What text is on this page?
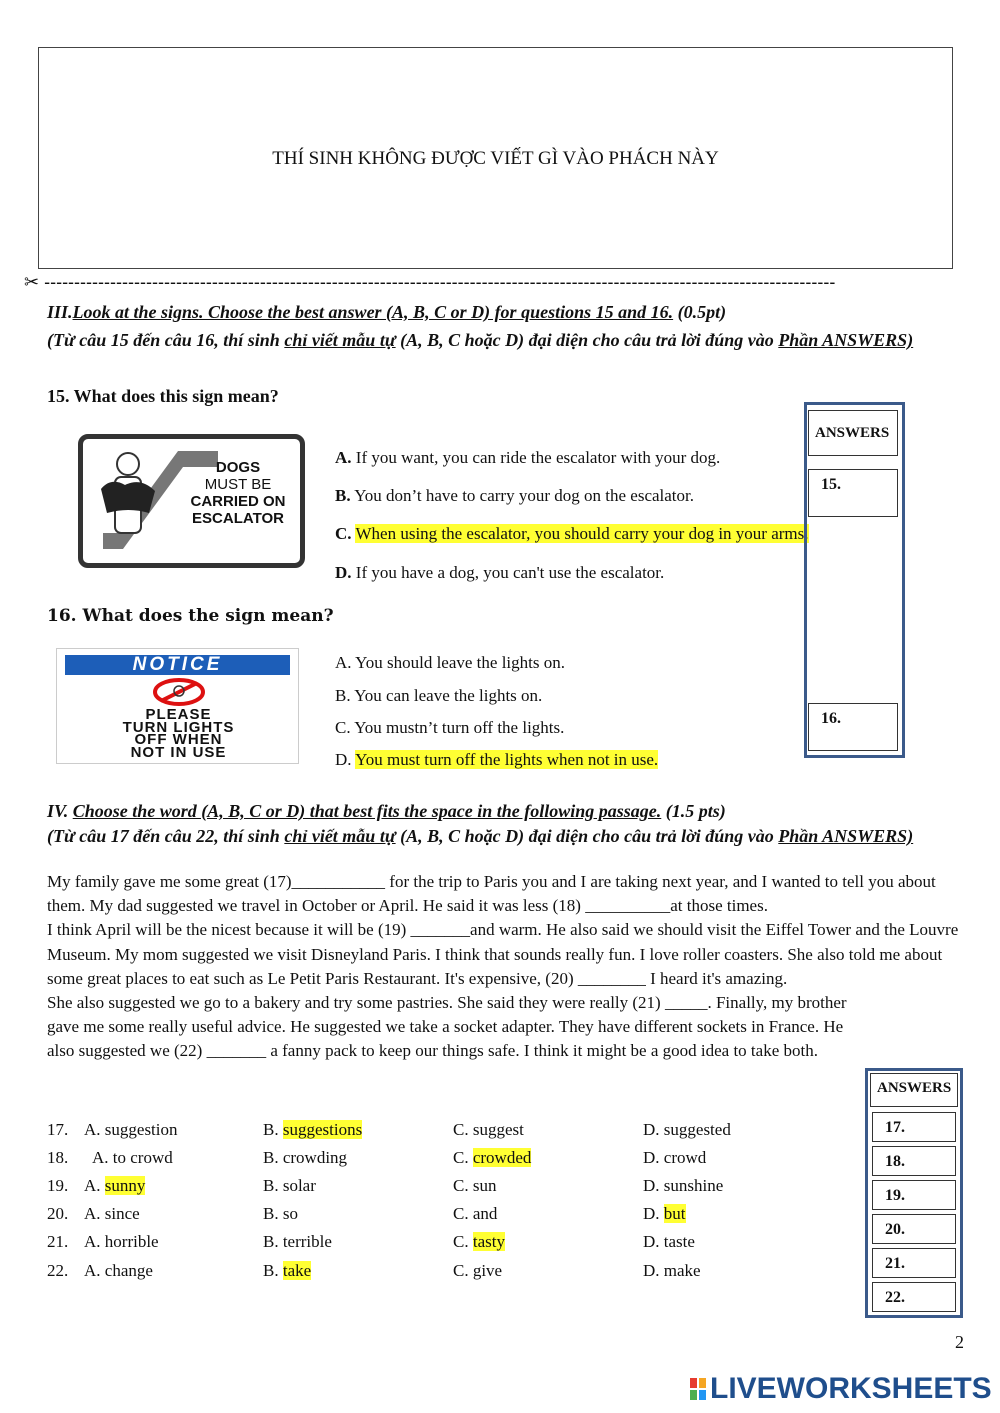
THÍ SINH KHÔNG ĐƯỢC VIẾT GÌ VÀO PHÁCH NÀY
✂ ------------------------------------------------------------------------------------------------------------------------------------
III.Look at the signs. Choose the best answer (A, B, C or D) for questions 15 and 16. (0.5pt)
(Từ câu 15 đến câu 16, thí sinh chỉ viết mẫu tự (A, B, C hoặc D) đại diện cho câu trả lời đúng vào Phần ANSWERS)
15. What does this sign mean?
DOGS
MUST BE
CARRIED ON
ESCALATOR
A. If you want, you can ride the escalator with your dog.
B. You don’t have to carry your dog on the escalator.
C. When using the escalator, you should carry your dog in your arms.
D. If you have a dog, you can't use the escalator.
ANSWERS
15.
16.
16. What does the sign mean?
NOTICE
PLEASE
TURN LIGHTS
OFF WHEN
NOT IN USE
A. You should leave the lights on.
B. You can leave the lights on.
C. You mustn’t turn off the lights.
D. You must turn off the lights when not in use.
IV. Choose the word (A, B, C or D) that best fits the space in the following passage. (1.5 pts)
(Từ câu 17 đến câu 22, thí sinh chỉ viết mẫu tự (A, B, C hoặc D) đại diện cho câu trả lời đúng vào Phần ANSWERS)

My family gave me some great (17)___________ for the trip to Paris you and I are taking next year, and I wanted to tell you about them. My dad suggested we travel in October or April. He said it was less (18) __________at those times.

I think April will be the nicest because it will be (19) _______and warm. He also said we should visit the Eiffel Tower and the Louvre Museum. My mom suggested we visit Disneyland Paris. I think that sounds really fun. I love roller coasters. She also told me about some great places to eat such as Le Petit Paris Restaurant. It's expensive, (20) ________ I heard it's amazing.

She also suggested we go to a bakery and try some pastries. She said they were really (21) _____. Finally, my brother gave me some really useful advice. He suggested we take a socket adapter. They have different sockets in France. He also suggested we (22) _______ a fanny pack to keep our things safe. I think it might be a good idea to take both.

17. A. suggestion	B. suggestions	C. suggest	D. suggested
18. A. to crowd	B. crowding	C. crowded	D. crowd
19. A. sunny	B. solar	C. sun	D. sunshine
20. A. since	B. so	C. and	D. but
21. A. horrible	B. terrible	C. tasty	D. taste
22. A. change	B. take	C. give	D. make
ANSWERS
17.
18.
19.
20.
21.
22.
2
LIVEWORKSHEETS
